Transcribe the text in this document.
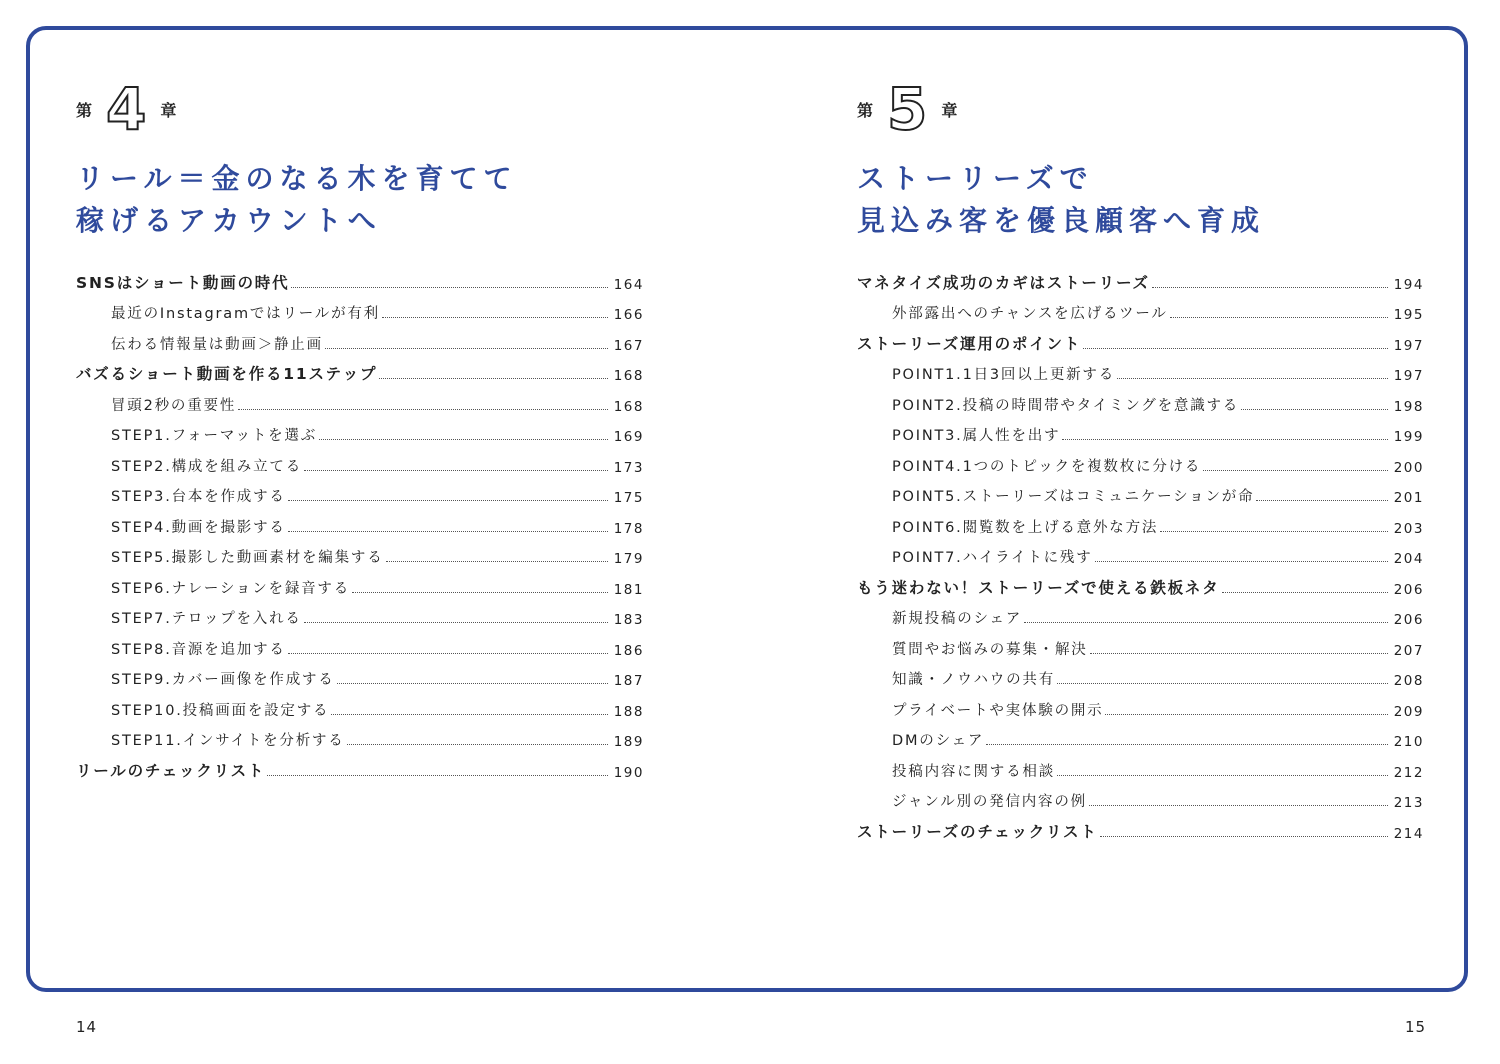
第 4 章
リール＝金のなる木を育てて
稼げるアカウントへ
SNSはショート動画の時代	164
最近のInstagramではリールが有利	166
伝わる情報量は動画＞静止画	167
バズるショート動画を作る11ステップ	168
冒頭2秒の重要性	168
STEP1.フォーマットを選ぶ	169
STEP2.構成を組み立てる	173
STEP3.台本を作成する	175
STEP4.動画を撮影する	178
STEP5.撮影した動画素材を編集する	179
STEP6.ナレーションを録音する	181
STEP7.テロップを入れる	183
STEP8.音源を追加する	186
STEP9.カバー画像を作成する	187
STEP10.投稿画面を設定する	188
STEP11.インサイトを分析する	189
リールのチェックリスト	190
第 5 章
ストーリーズで
見込み客を優良顧客へ育成
マネタイズ成功のカギはストーリーズ	194
外部露出へのチャンスを広げるツール	195
ストーリーズ運用のポイント	197
POINT1.1日3回以上更新する	197
POINT2.投稿の時間帯やタイミングを意識する	198
POINT3.属人性を出す	199
POINT4.1つのトピックを複数枚に分ける	200
POINT5.ストーリーズはコミュニケーションが命	201
POINT6.閲覧数を上げる意外な方法	203
POINT7.ハイライトに残す	204
もう迷わない！ストーリーズで使える鉄板ネタ	206
新規投稿のシェア	206
質問やお悩みの募集・解決	207
知識・ノウハウの共有	208
プライベートや実体験の開示	209
DMのシェア	210
投稿内容に関する相談	212
ジャンル別の発信内容の例	213
ストーリーズのチェックリスト	214
14	15
